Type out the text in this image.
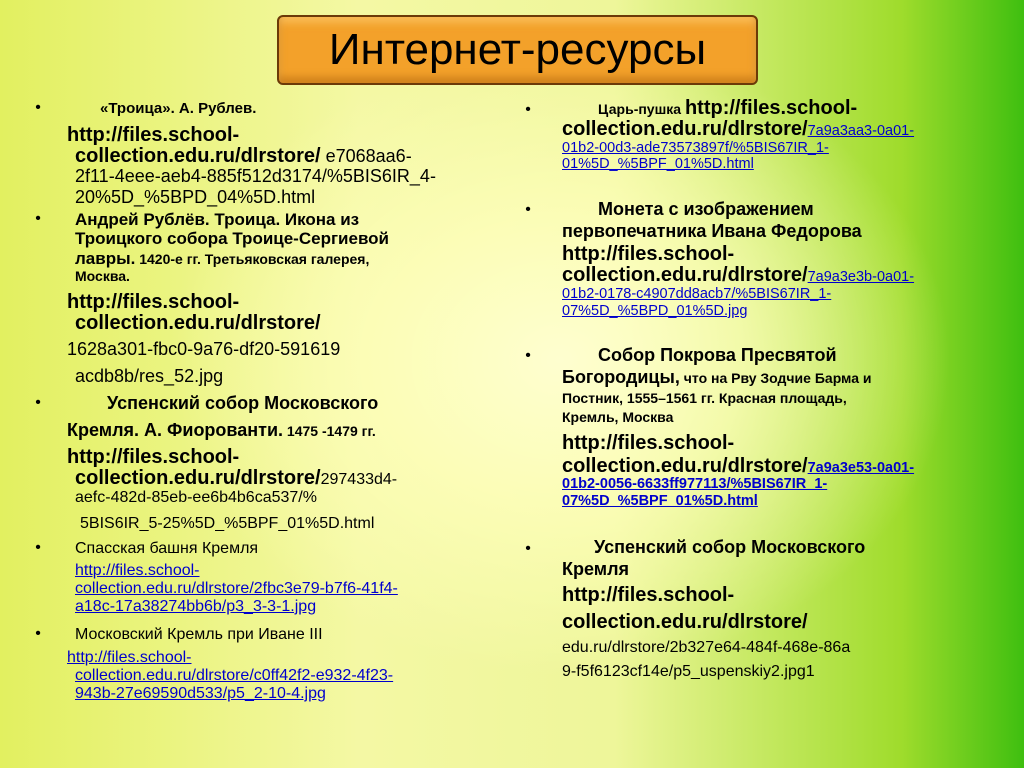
Интернет-ресурсы
•	«Троица». А. Рублев.
http://files.school-
collection.edu.ru/dlrstore/ e7068aa6-
2f11-4eee-aeb4-885f512d3174/%5BIS6IR_4-
20%5D_%5BPD_04%5D.html
• Андрей Рублёв. Троица. Икона из
Троицкого собора Троице-Сергиевой
лавры. 1420-е гг. Третьяковская галерея,
Москва.
http://files.school-
collection.edu.ru/dlrstore/
1628a301-fbc0-9a76-df20-591619
acdb8b/res_52.jpg
•	Успенский собор Московского
Кремля. А. Фиорованти. 1475 -1479 гг.
http://files.school-
collection.edu.ru/dlrstore/297433d4-
aefc-482d-85eb-ee6b4b6ca537/%
5BIS6IR_5-25%5D_%5BPF_01%5D.html
• Спасская башня Кремля
http://files.school-
collection.edu.ru/dlrstore/2fbc3e79-b7f6-41f4-
a18c-17a38274bb6b/p3_3-3-1.jpg
• Московский Кремль при Иване III
http://files.school-
collection.edu.ru/dlrstore/c0ff42f2-e932-4f23-
943b-27e69590d533/p5_2-10-4.jpg
•	Царь-пушка http://files.school-
collection.edu.ru/dlrstore/7a9a3aa3-0a01-
01b2-00d3-ade73573897f/%5BIS67IR_1-
01%5D_%5BPF_01%5D.html
•	Монета с изображением
первопечатника Ивана Федорова
http://files.school-
collection.edu.ru/dlrstore/7a9a3e3b-0a01-
01b2-0178-c4907dd8acb7/%5BIS67IR_1-
07%5D_%5BPD_01%5D.jpg
•	Собор Покрова Пресвятой
Богородицы, что на Рву Зодчие Барма и
Постник, 1555–1561 гг. Красная площадь,
Кремль, Москва
http://files.school-
collection.edu.ru/dlrstore/7a9a3e53-0a01-
01b2-0056-6633ff977113/%5BIS67IR_1-
07%5D_%5BPF_01%5D.html
•	Успенский собор Московского
Кремля
http://files.school-
collection.edu.ru/dlrstore/
edu.ru/dlrstore/2b327e64-484f-468e-86a
9-f5f6123cf14e/p5_uspenskiy2.jpg1
